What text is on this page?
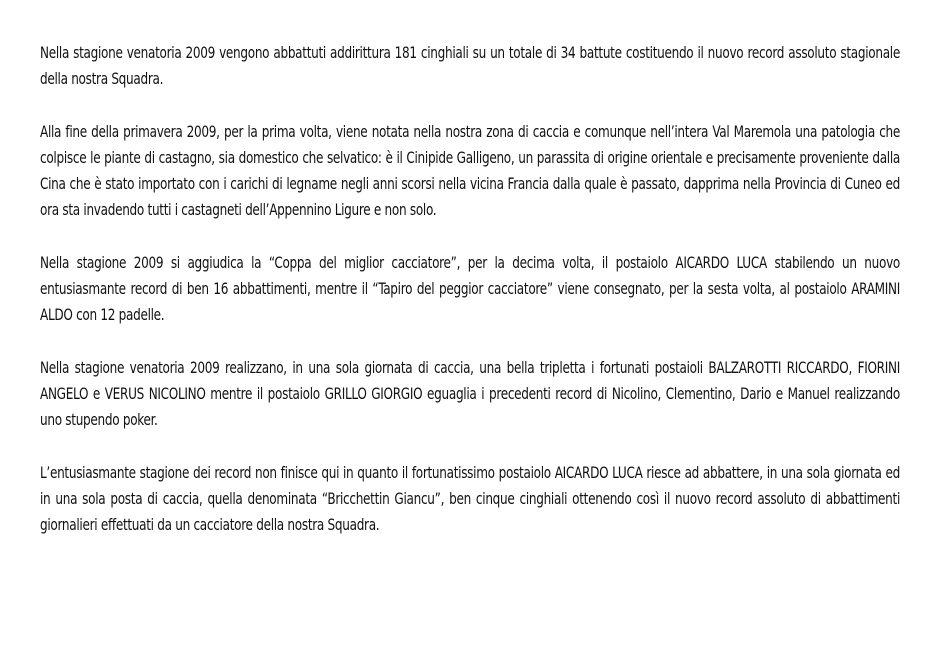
Nella stagione venatoria 2009 vengono abbattuti addirittura 181 cinghiali su un totale di 34 battute costituendo il nuovo record assoluto stagionale della nostra Squadra.

Alla fine della primavera 2009, per la prima volta, viene notata nella nostra zona di caccia e comunque nell’intera Val Maremola una patologia che colpisce le piante di castagno, sia domestico che selvatico: è il Cinipide Galligeno, un parassita di origine orientale e precisamente proveniente dalla Cina che è stato importato con i carichi di legname negli anni scorsi nella vicina Francia dalla quale è passato, dapprima nella Provincia di Cuneo ed ora sta invadendo tutti i castagneti dell’Appennino Ligure e non solo.

Nella stagione 2009 si aggiudica la “Coppa del miglior cacciatore”, per la decima volta, il postaiolo AICARDO LUCA stabilendo un nuovo entusiasmante record di ben 16 abbattimenti, mentre il “Tapiro del peggior cacciatore” viene consegnato, per la sesta volta, al postaiolo ARAMINI ALDO con 12 padelle.

Nella stagione venatoria 2009 realizzano, in una sola giornata di caccia, una bella tripletta i fortunati postaioli BALZAROTTI RICCARDO, FIORINI ANGELO e VERUS NICOLINO mentre il postaiolo GRILLO GIORGIO eguaglia i precedenti record di Nicolino, Clementino, Dario e Manuel realizzando uno stupendo poker.

L’entusiasmante stagione dei record non finisce qui in quanto il fortunatissimo postaiolo AICARDO LUCA riesce ad abbattere, in una sola giornata ed in una sola posta di caccia, quella denominata “Bricchettin Giancu”, ben cinque cinghiali ottenendo così il nuovo record assoluto di abbattimenti giornalieri effettuati da un cacciatore della nostra Squadra.
